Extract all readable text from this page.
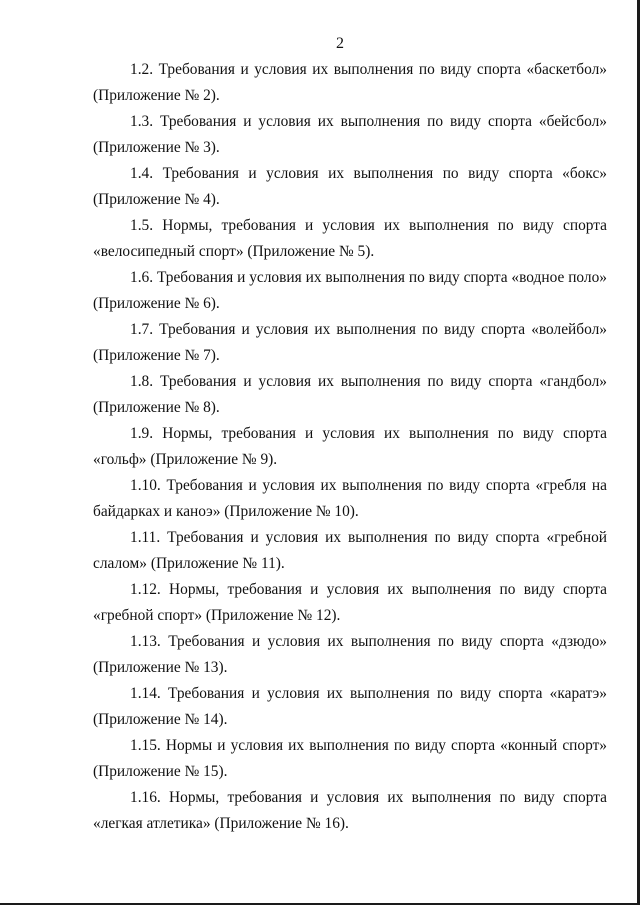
2

1.2. Требования и условия их выполнения по виду спорта «баскетбол» (Приложение № 2).

1.3. Требования и условия их выполнения по виду спорта «бейсбол» (Приложение № 3).

1.4. Требования и условия их выполнения по виду спорта «бокс» (Приложение № 4).

1.5. Нормы, требования и условия их выполнения по виду спорта «велосипедный спорт» (Приложение № 5).

1.6. Требования и условия их выполнения по виду спорта «водное поло» (Приложение № 6).

1.7. Требования и условия их выполнения по виду спорта «волейбол» (Приложение № 7).

1.8. Требования и условия их выполнения по виду спорта «гандбол» (Приложение № 8).

1.9. Нормы, требования и условия их выполнения по виду спорта «гольф» (Приложение № 9).

1.10. Требования и условия их выполнения по виду спорта «гребля на байдарках и каноэ» (Приложение № 10).

1.11. Требования и условия их выполнения по виду спорта «гребной слалом» (Приложение № 11).

1.12. Нормы, требования и условия их выполнения по виду спорта «гребной спорт» (Приложение № 12).

1.13. Требования и условия их выполнения по виду спорта «дзюдо» (Приложение № 13).

1.14. Требования и условия их выполнения по виду спорта «каратэ» (Приложение № 14).

1.15. Нормы и условия их выполнения по виду спорта «конный спорт» (Приложение № 15).

1.16. Нормы, требования и условия их выполнения по виду спорта «легкая атлетика» (Приложение № 16).
